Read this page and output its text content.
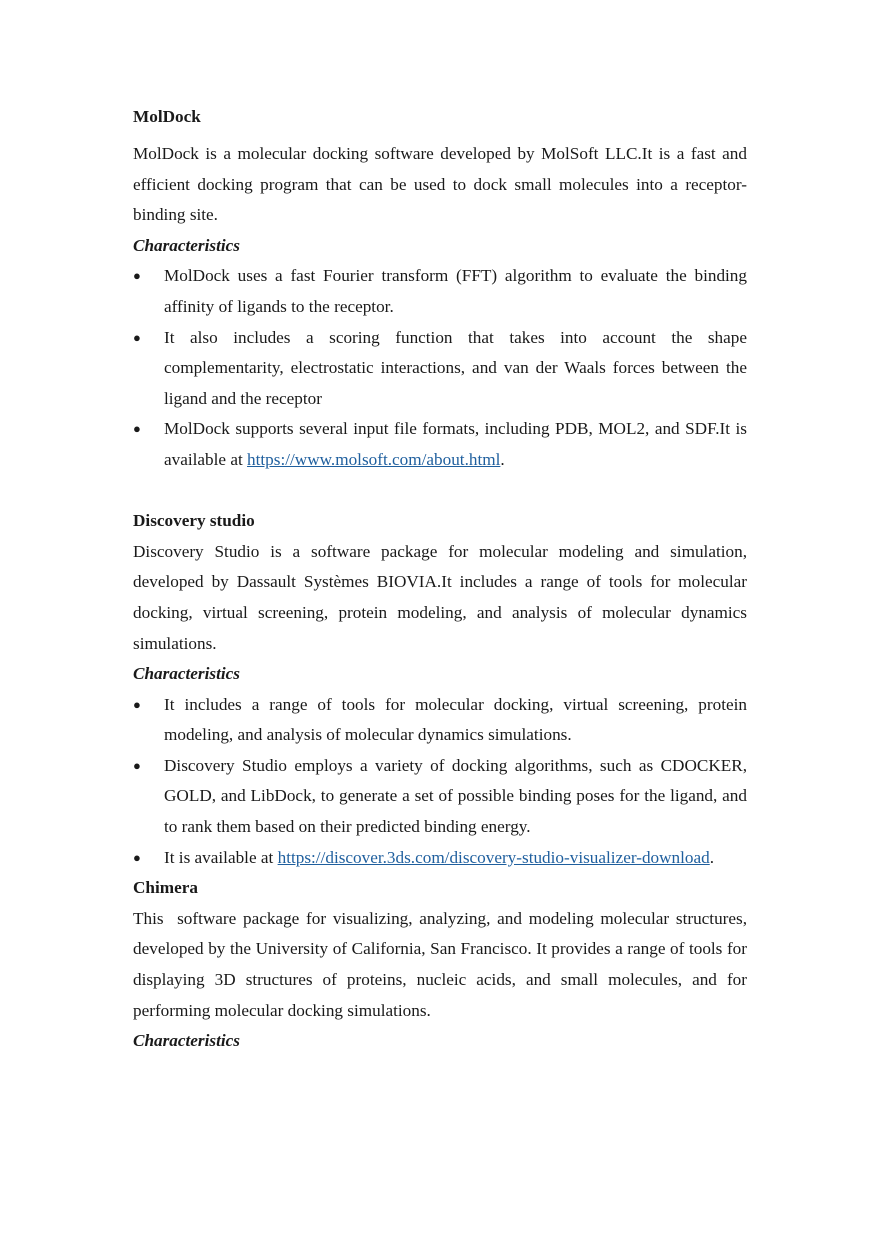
MolDock

MolDock is a molecular docking software developed by MolSoft LLC.It is a fast and efficient docking program that can be used to dock small molecules into a receptor-binding site.

Characteristics

● MolDock uses a fast Fourier transform (FFT) algorithm to evaluate the binding affinity of ligands to the receptor.
● It also includes a scoring function that takes into account the shape complementarity, electrostatic interactions, and van der Waals forces between the ligand and the receptor
● MolDock supports several input file formats, including PDB, MOL2, and SDF.It is available at https://www.molsoft.com/about.html.

Discovery studio

Discovery Studio is a software package for molecular modeling and simulation, developed by Dassault Systèmes BIOVIA.It includes a range of tools for molecular docking, virtual screening, protein modeling, and analysis of molecular dynamics simulations.

Characteristics

● It includes a range of tools for molecular docking, virtual screening, protein modeling, and analysis of molecular dynamics simulations.
● Discovery Studio employs a variety of docking algorithms, such as CDOCKER, GOLD, and LibDock, to generate a set of possible binding poses for the ligand, and to rank them based on their predicted binding energy.
● It is available at https://discover.3ds.com/discovery-studio-visualizer-download.

Chimera

This  software package for visualizing, analyzing, and modeling molecular structures, developed by the University of California, San Francisco. It provides a range of tools for displaying 3D structures of proteins, nucleic acids, and small molecules, and for performing molecular docking simulations.

Characteristics
